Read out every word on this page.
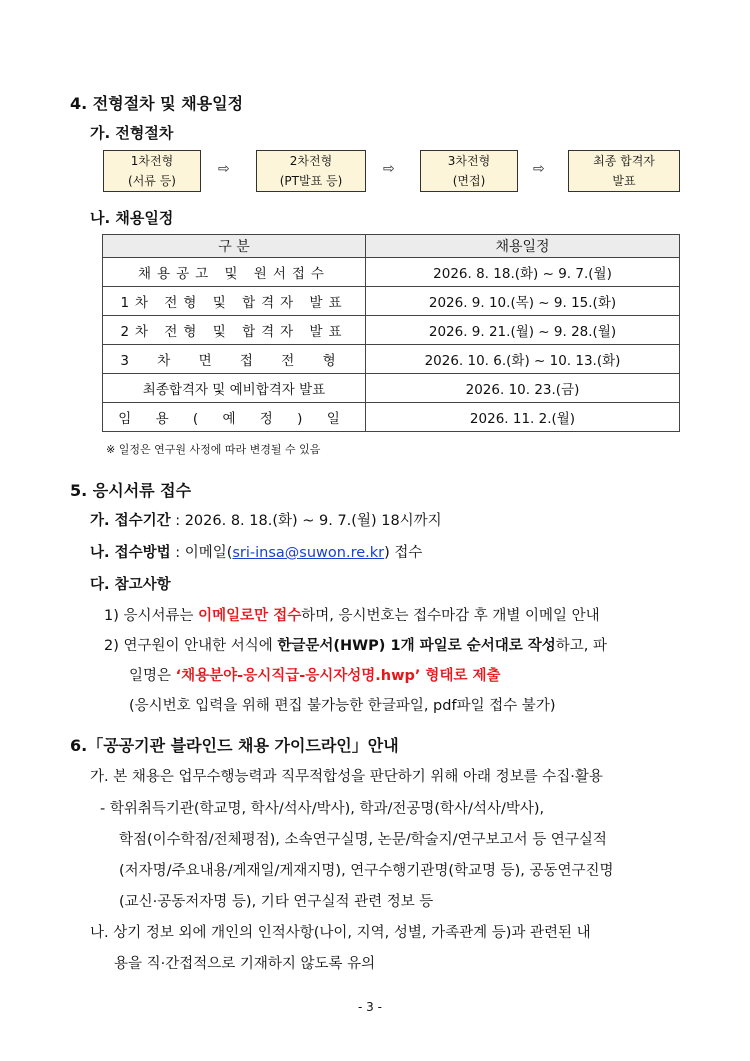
4. 전형절차 및 채용일정
가. 전형절차
1차전형
(서류 등)
⇨	2차전형
(PT발표 등)
⇨	3차전형
(면접)
⇨	최종 합격자
발표
나. 채용일정
구 분	채용일정
채용공고 및 원서접수	2026. 8. 18.(화) ~ 9. 7.(월)
1차 전형 및 합격자 발표	2026. 9. 10.(목) ~ 9. 15.(화)
2차 전형 및 합격자 발표	2026. 9. 21.(월) ~ 9. 28.(월)
3 차 면 접 전 형	2026. 10. 6.(화) ~ 10. 13.(화)
최종합격자 및 예비합격자 발표	2026. 10. 23.(금)
임 용 ( 예 정 ) 일	2026. 11. 2.(월)
※ 일정은 연구원 사정에 따라 변경될 수 있음
5. 응시서류 접수
가. 접수기간 : 2026. 8. 18.(화) ~ 9. 7.(월) 18시까지
나. 접수방법 : 이메일(sri-insa@suwon.re.kr) 접수
다. 참고사항
1) 응시서류는 이메일로만 접수하며, 응시번호는 접수마감 후 개별 이메일 안내
2) 연구원이 안내한 서식에 한글문서(HWP) 1개 파일로 순서대로 작성하고, 파
일명은 ‘채용분야-응시직급-응시자성명.hwp’ 형태로 제출
(응시번호 입력을 위해 편집 불가능한 한글파일, pdf파일 접수 불가)
6.「공공기관 블라인드 채용 가이드라인」안내
가. 본 채용은 업무수행능력과 직무적합성을 판단하기 위해 아래 정보를 수집·활용
- 학위취득기관(학교명, 학사/석사/박사), 학과/전공명(학사/석사/박사),
학점(이수학점/전체평점), 소속연구실명, 논문/학술지/연구보고서 등 연구실적
(저자명/주요내용/게재일/게재지명), 연구수행기관명(학교명 등), 공동연구진명
(교신·공동저자명 등), 기타 연구실적 관련 정보 등
나. 상기 정보 외에 개인의 인적사항(나이, 지역, 성별, 가족관계 등)과 관련된 내
용을 직·간접적으로 기재하지 않도록 유의
- 3 -
